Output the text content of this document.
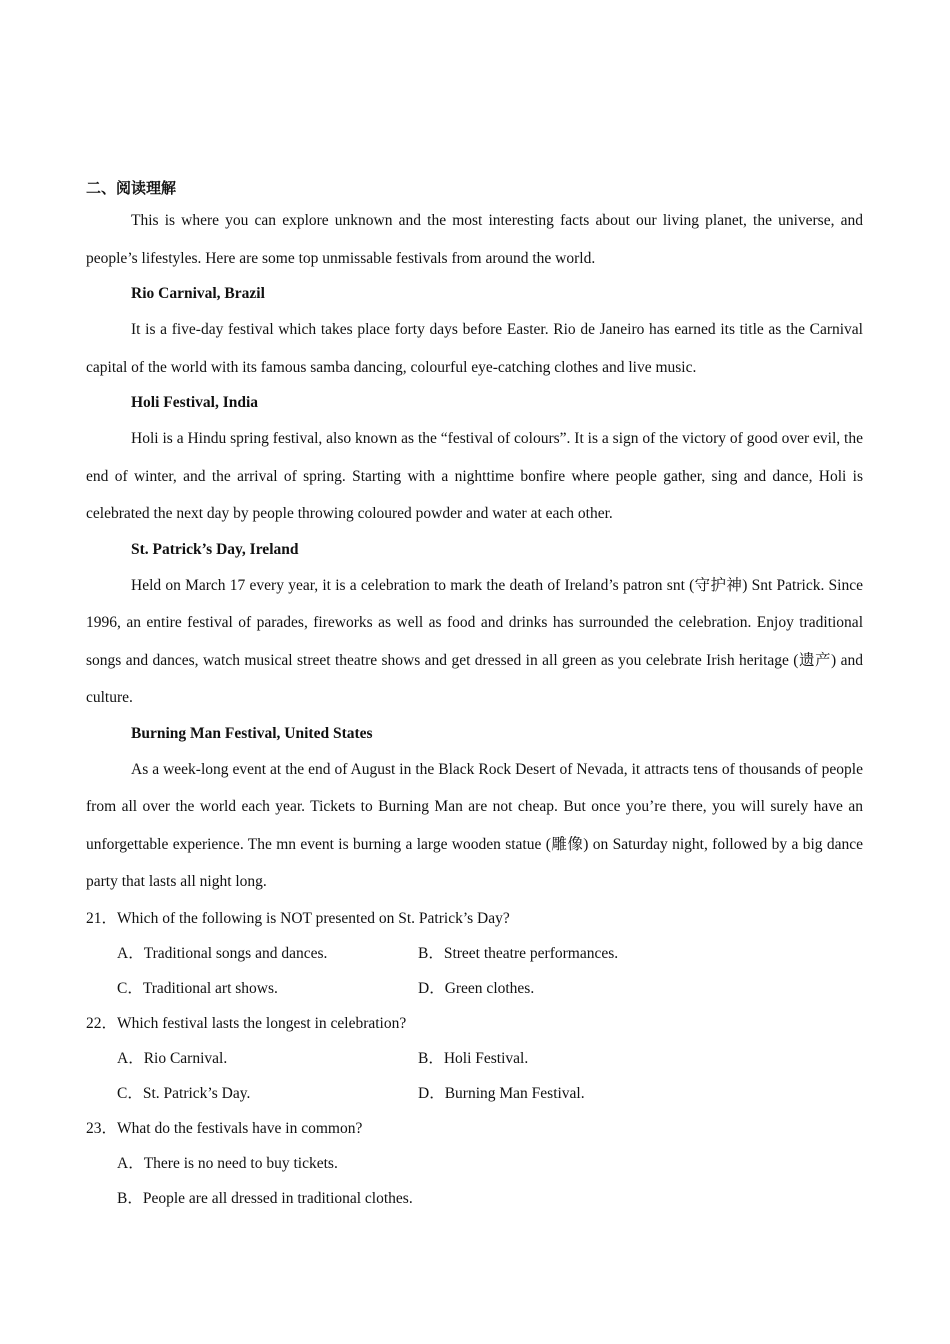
二、阅读理解

This is where you can explore unknown and the most interesting facts about our living planet, the universe, and people’s lifestyles. Here are some top unmissable festivals from around the world.

Rio Carnival, Brazil

It is a five-day festival which takes place forty days before Easter. Rio de Janeiro has earned its title as the Carnival capital of the world with its famous samba dancing, colourful eye-catching clothes and live music.

Holi Festival, India

Holi is a Hindu spring festival, also known as the “festival of colours”. It is a sign of the victory of good over evil, the end of winter, and the arrival of spring. Starting with a nighttime bonfire where people gather, sing and dance, Holi is celebrated the next day by people throwing coloured powder and water at each other.

St. Patrick’s Day, Ireland

Held on March 17 every year, it is a celebration to mark the death of Ireland’s patron snt (守护神) Snt Patrick. Since 1996, an entire festival of parades, fireworks as well as food and drinks has surrounded the celebration. Enjoy traditional songs and dances, watch musical street theatre shows and get dressed in all green as you celebrate Irish heritage (遗产) and culture.

Burning Man Festival, United States

As a week-long event at the end of August in the Black Rock Desert of Nevada, it attracts tens of thousands of people from all over the world each year. Tickets to Burning Man are not cheap. But once you’re there, you will surely have an unforgettable experience. The mn event is burning a large wooden statue (雕像) on Saturday night, followed by a big dance party that lasts all night long.

21．Which of the following is NOT presented on St. Patrick’s Day?
A．Traditional songs and dances.	B．Street theatre performances.
C．Traditional art shows.	D．Green clothes.
22．Which festival lasts the longest in celebration?
A．Rio Carnival.	B．Holi Festival.
C．St. Patrick’s Day.	D．Burning Man Festival.
23．What do the festivals have in common?
A．There is no need to buy tickets.
B．People are all dressed in traditional clothes.
